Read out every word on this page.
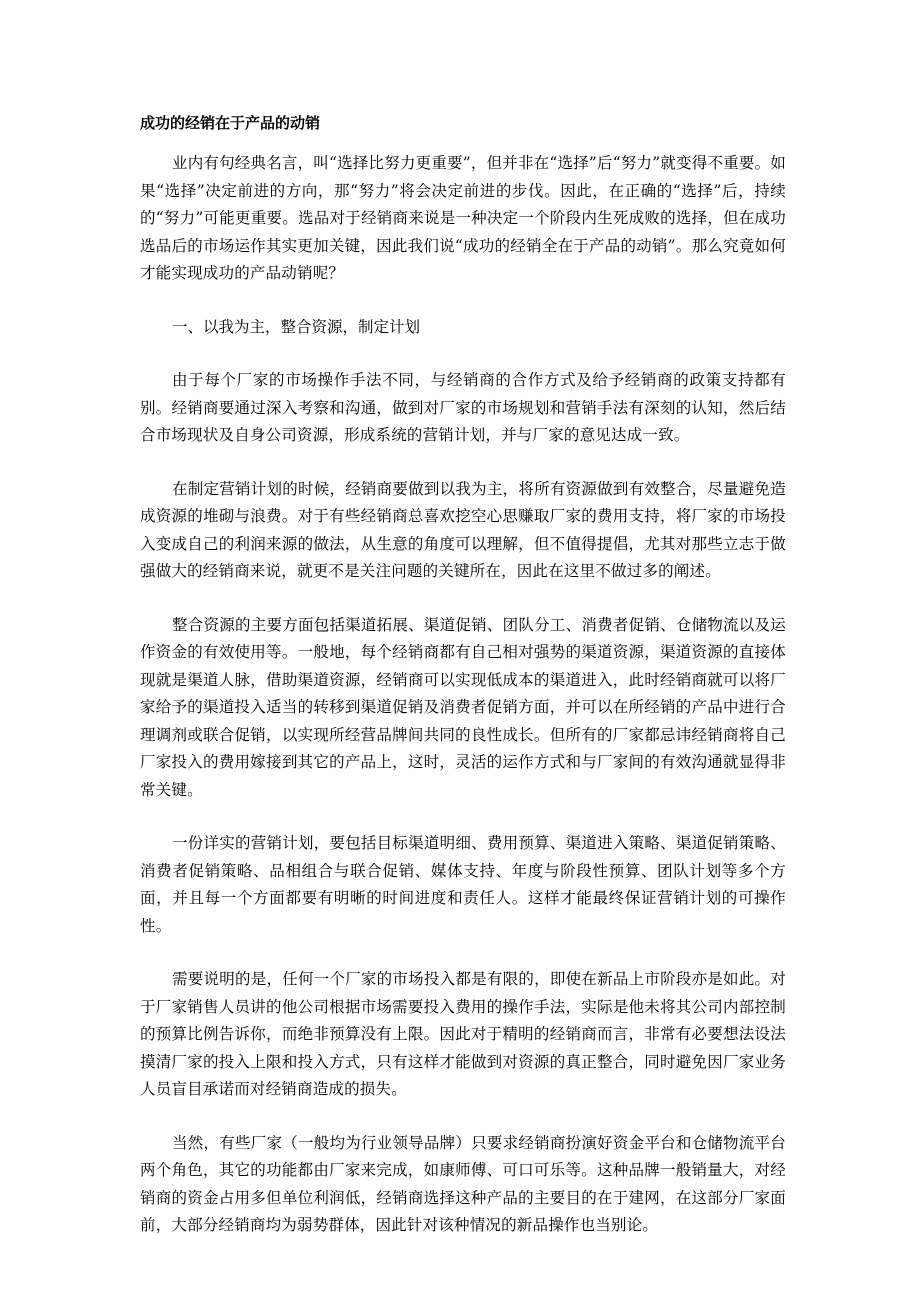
成功的经销在于产品的动销

业内有句经典名言，叫“选择比努力更重要”，但并非在“选择”后“努力”就变得不重要。如果“选择”决定前进的方向，那“努力”将会决定前进的步伐。因此，在正确的“选择”后，持续的“努力”可能更重要。选品对于经销商来说是一种决定一个阶段内生死成败的选择，但在成功选品后的市场运作其实更加关键，因此我们说“成功的经销全在于产品的动销”。那么究竟如何才能实现成功的产品动销呢？

一、以我为主，整合资源，制定计划

由于每个厂家的市场操作手法不同，与经销商的合作方式及给予经销商的政策支持都有别。经销商要通过深入考察和沟通，做到对厂家的市场规划和营销手法有深刻的认知，然后结合市场现状及自身公司资源，形成系统的营销计划，并与厂家的意见达成一致。

在制定营销计划的时候，经销商要做到以我为主，将所有资源做到有效整合，尽量避免造成资源的堆砌与浪费。对于有些经销商总喜欢挖空心思赚取厂家的费用支持，将厂家的市场投入变成自己的利润来源的做法，从生意的角度可以理解，但不值得提倡，尤其对那些立志于做强做大的经销商来说，就更不是关注问题的关键所在，因此在这里不做过多的阐述。

整合资源的主要方面包括渠道拓展、渠道促销、团队分工、消费者促销、仓储物流以及运作资金的有效使用等。一般地，每个经销商都有自己相对强势的渠道资源，渠道资源的直接体现就是渠道人脉，借助渠道资源，经销商可以实现低成本的渠道进入，此时经销商就可以将厂家给予的渠道投入适当的转移到渠道促销及消费者促销方面，并可以在所经销的产品中进行合理调剂或联合促销，以实现所经营品牌间共同的良性成长。但所有的厂家都忌讳经销商将自己厂家投入的费用嫁接到其它的产品上，这时，灵活的运作方式和与厂家间的有效沟通就显得非常关键。

一份详实的营销计划，要包括目标渠道明细、费用预算、渠道进入策略、渠道促销策略、消费者促销策略、品相组合与联合促销、媒体支持、年度与阶段性预算、团队计划等多个方面，并且每一个方面都要有明晰的时间进度和责任人。这样才能最终保证营销计划的可操作性。

需要说明的是，任何一个厂家的市场投入都是有限的，即使在新品上市阶段亦是如此。对于厂家销售人员讲的他公司根据市场需要投入费用的操作手法，实际是他未将其公司内部控制的预算比例告诉你，而绝非预算没有上限。因此对于精明的经销商而言，非常有必要想法设法摸清厂家的投入上限和投入方式，只有这样才能做到对资源的真正整合，同时避免因厂家业务人员盲目承诺而对经销商造成的损失。

当然，有些厂家（一般均为行业领导品牌）只要求经销商扮演好资金平台和仓储物流平台两个角色，其它的功能都由厂家来完成，如康师傅、可口可乐等。这种品牌一般销量大，对经销商的资金占用多但单位利润低，经销商选择这种产品的主要目的在于建网，在这部分厂家面前，大部分经销商均为弱势群体，因此针对该种情况的新品操作也当别论。
